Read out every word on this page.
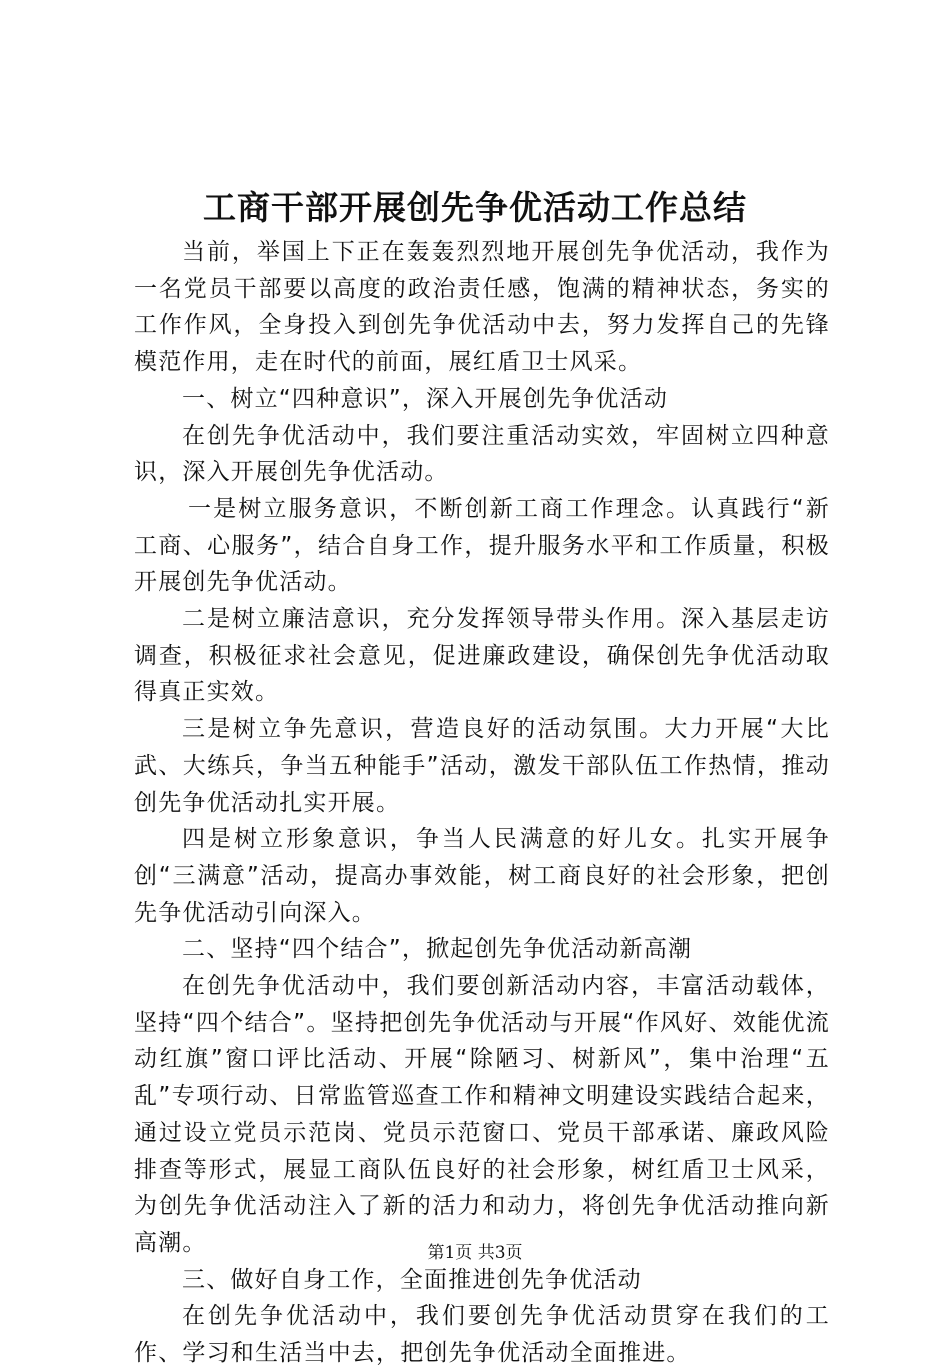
工商干部开展创先争优活动工作总结

当前，举国上下正在轰轰烈烈地开展创先争优活动，我作为一名党员干部要以高度的政治责任感，饱满的精神状态，务实的工作作风，全身投入到创先争优活动中去，努力发挥自己的先锋模范作用，走在时代的前面，展红盾卫士风采。

一、树立“四种意识”，深入开展创先争优活动

在创先争优活动中，我们要注重活动实效，牢固树立四种意识，深入开展创先争优活动。

一是树立服务意识，不断创新工商工作理念。认真践行“新工商、心服务”，结合自身工作，提升服务水平和工作质量，积极开展创先争优活动。

二是树立廉洁意识，充分发挥领导带头作用。深入基层走访调查，积极征求社会意见，促进廉政建设，确保创先争优活动取得真正实效。

三是树立争先意识，营造良好的活动氛围。大力开展“大比武、大练兵，争当五种能手”活动，激发干部队伍工作热情，推动创先争优活动扎实开展。

四是树立形象意识，争当人民满意的好儿女。扎实开展争创“三满意”活动，提高办事效能，树工商良好的社会形象，把创先争优活动引向深入。

二、坚持“四个结合”，掀起创先争优活动新高潮

在创先争优活动中，我们要创新活动内容，丰富活动载体，坚持“四个结合”。坚持把创先争优活动与开展“作风好、效能优流动红旗”窗口评比活动、开展“除陋习、树新风”，集中治理“五乱”专项行动、日常监管巡查工作和精神文明建设实践结合起来，通过设立党员示范岗、党员示范窗口、党员干部承诺、廉政风险排查等形式，展显工商队伍良好的社会形象，树红盾卫士风采，为创先争优活动注入了新的活力和动力，将创先争优活动推向新高潮。

三、做好自身工作，全面推进创先争优活动

在创先争优活动中，我们要创先争优活动贯穿在我们的工作、学习和生活当中去，把创先争优活动全面推进。

第1页 共3页
